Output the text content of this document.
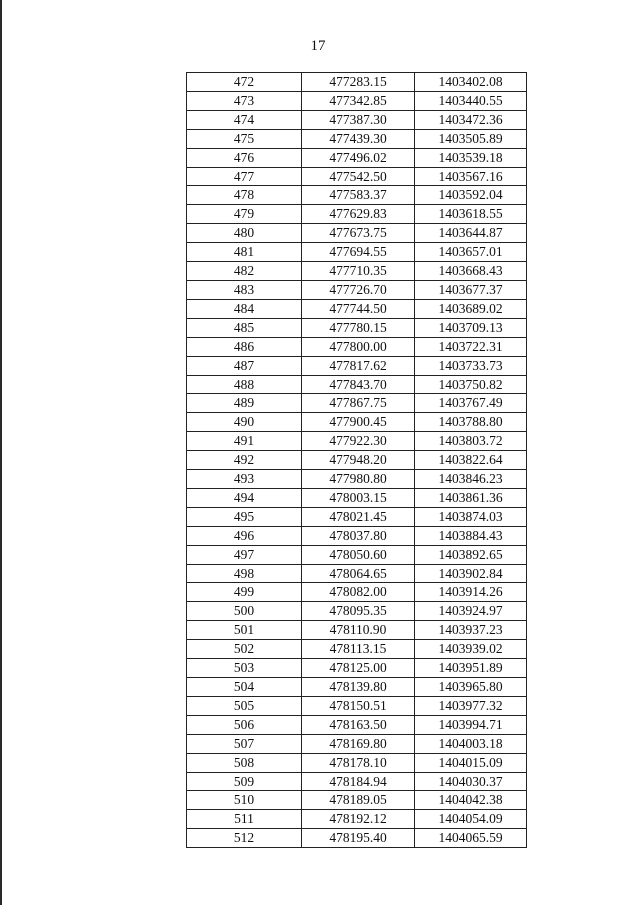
17
472	477283.15	1403402.08
473	477342.85	1403440.55
474	477387.30	1403472.36
475	477439.30	1403505.89
476	477496.02	1403539.18
477	477542.50	1403567.16
478	477583.37	1403592.04
479	477629.83	1403618.55
480	477673.75	1403644.87
481	477694.55	1403657.01
482	477710.35	1403668.43
483	477726.70	1403677.37
484	477744.50	1403689.02
485	477780.15	1403709.13
486	477800.00	1403722.31
487	477817.62	1403733.73
488	477843.70	1403750.82
489	477867.75	1403767.49
490	477900.45	1403788.80
491	477922.30	1403803.72
492	477948.20	1403822.64
493	477980.80	1403846.23
494	478003.15	1403861.36
495	478021.45	1403874.03
496	478037.80	1403884.43
497	478050.60	1403892.65
498	478064.65	1403902.84
499	478082.00	1403914.26
500	478095.35	1403924.97
501	478110.90	1403937.23
502	478113.15	1403939.02
503	478125.00	1403951.89
504	478139.80	1403965.80
505	478150.51	1403977.32
506	478163.50	1403994.71
507	478169.80	1404003.18
508	478178.10	1404015.09
509	478184.94	1404030.37
510	478189.05	1404042.38
511	478192.12	1404054.09
512	478195.40	1404065.59
